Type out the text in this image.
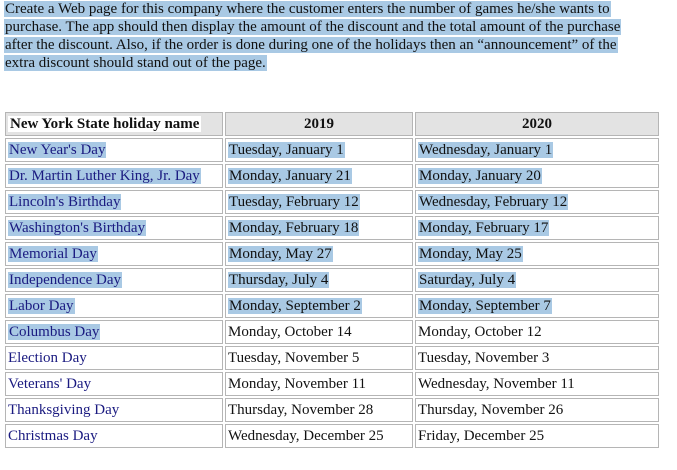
Create a Web page for this company where the customer enters the number of games he/she wants to
purchase. The app should then display the amount of the discount and the total amount of the purchase
after the discount. Also, if the order is done during one of the holidays then an “announcement” of the
extra discount should stand out of the page.
New York State holiday name	2019	2020
New Year's Day	Tuesday, January 1	Wednesday, January 1
Dr. Martin Luther King, Jr. Day	Monday, January 21	Monday, January 20
Lincoln's Birthday	Tuesday, February 12	Wednesday, February 12
Washington's Birthday	Monday, February 18	Monday, February 17
Memorial Day	Monday, May 27	Monday, May 25
Independence Day	Thursday, July 4	Saturday, July 4
Labor Day	Monday, September 2	Monday, September 7
Columbus Day	Monday, October 14	Monday, October 12
Election Day	Tuesday, November 5	Tuesday, November 3
Veterans' Day	Monday, November 11	Wednesday, November 11
Thanksgiving Day	Thursday, November 28	Thursday, November 26
Christmas Day	Wednesday, December 25	Friday, December 25
